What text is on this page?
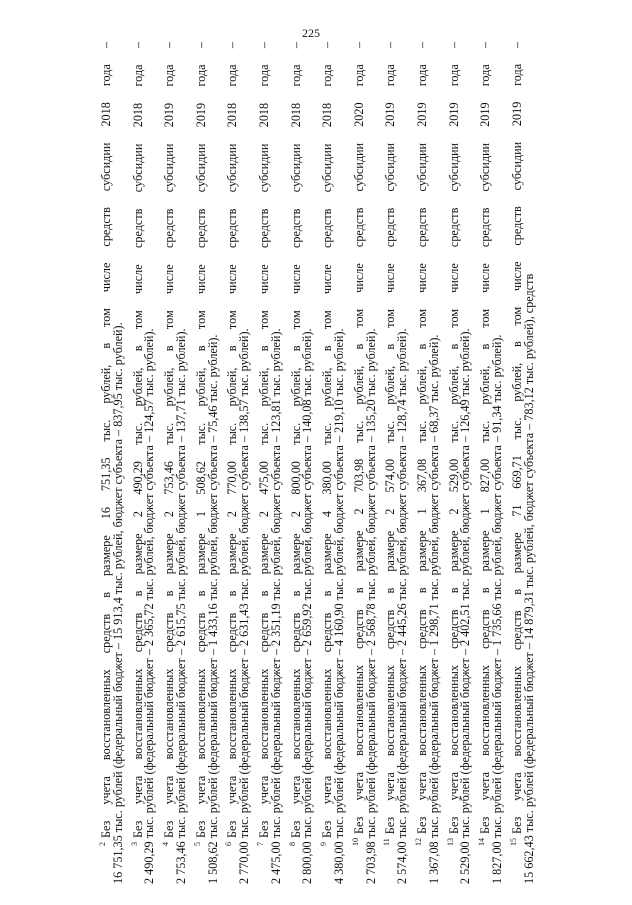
225
$^2$Без учета восстановленных средств в размере 16 751,35 тыс. рублей, в том числе средств субсидии 2018 года –
16 751,35 тыс. рублей (федеральный бюджет – 15 913,4 тыс. рублей, бюджет субъекта – 837,95 тыс. рублей). $^3$Без учета восстановленных средств в размере 2 490,29 тыс. рублей, в том числе средств субсидии 2018 года –
2 490,29 тыс. рублей (федеральный бюджет – 2 365,72 тыс. рублей, бюджет субъекта – 124,57 тыс. рублей). $^4$Без учета восстановленных средств в размере 2 753,46 тыс. рублей, в том числе средств субсидии 2019 года –
2 753,46 тыс. рублей (федеральный бюджет – 2 615,75 тыс. рублей, бюджет субъекта – 137,71 тыс. рублей). $^5$Без учета восстановленных средств в размере 1 508,62 тыс. рублей, в том числе средств субсидии 2019 года –
1 508,62 тыс. рублей (федеральный бюджет – 1 433,16 тыс. рублей, бюджет субъекта – 75,46 тыс. рублей). $^6$Без учета восстановленных средств в размере 2 770,00 тыс. рублей, в том числе средств субсидии 2018 года –
2 770,00 тыс. рублей (федеральный бюджет – 2 631,43 тыс. рублей, бюджет субъекта – 138,57 тыс. рублей). $^7$Без учета восстановленных средств в размере 2 475,00 тыс. рублей, в том числе средств субсидии 2018 года –
2 475,00 тыс. рублей (федеральный бюджет – 2 351,19 тыс. рублей, бюджет субъекта – 123,81 тыс. рублей). $^8$Без учета восстановленных средств в размере 2 800,00 тыс. рублей, в том числе средств субсидии 2018 года –
2 800,00 тыс. рублей (федеральный бюджет – 2 659,92 тыс. рублей, бюджет субъекта – 140,08 тыс. рублей). $^9$Без учета восстановленных средств в размере 4 380,00 тыс. рублей, в том числе средств субсидии 2018 года –
4 380,00 тыс. рублей (федеральный бюджет – 4 160,90 тыс. рублей, бюджет субъекта – 219,10 тыс. рублей). $^{10}$Без учета восстановленных средств в размере 2 703,98 тыс. рублей, в том числе средств субсидии 2020 года –
2 703,98 тыс. рублей (федеральный бюджет – 2 568,78 тыс. рублей, бюджет субъекта – 135,20 тыс. рублей). $^{11}$Без учета восстановленных средств в размере 2 574,00 тыс. рублей, в том числе средств субсидии 2019 года –
2 574,00 тыс. рублей (федеральный бюджет – 2 445,26 тыс. рублей, бюджет субъекта – 128,74 тыс. рублей). $^{12}$Без учета восстановленных средств в размере 1 367,08 тыс. рублей, в том числе средств субсидии 2019 года –
1 367,08 тыс. рублей (федеральный бюджет – 1 298,71 тыс. рублей, бюджет субъекта – 68,37 тыс. рублей). $^{13}$Без учета восстановленных средств в размере 2 529,00 тыс. рублей, в том числе средств субсидии 2019 года –
2 529,00 тыс. рублей (федеральный бюджет – 2 402,51 тыс. рублей, бюджет субъекта – 126,49 тыс. рублей). $^{14}$Без учета восстановленных средств в размере 1 827,00 тыс. рублей, в том числе средств субсидии 2019 года –
1 827,00 тыс. рублей (федеральный бюджет – 1 735,66 тыс. рублей, бюджет субъекта – 91,34 тыс. рублей). $^{15}$Без учета восстановленных средств в размере 71 669,71 тыс. рублей, в том числе средств субсидии 2019 года –
15 662,43 тыс. рублей (федеральный бюджет – 14 879,31 тыс. рублей, бюджет субъекта – 783,12 тыс. рублей), средств
